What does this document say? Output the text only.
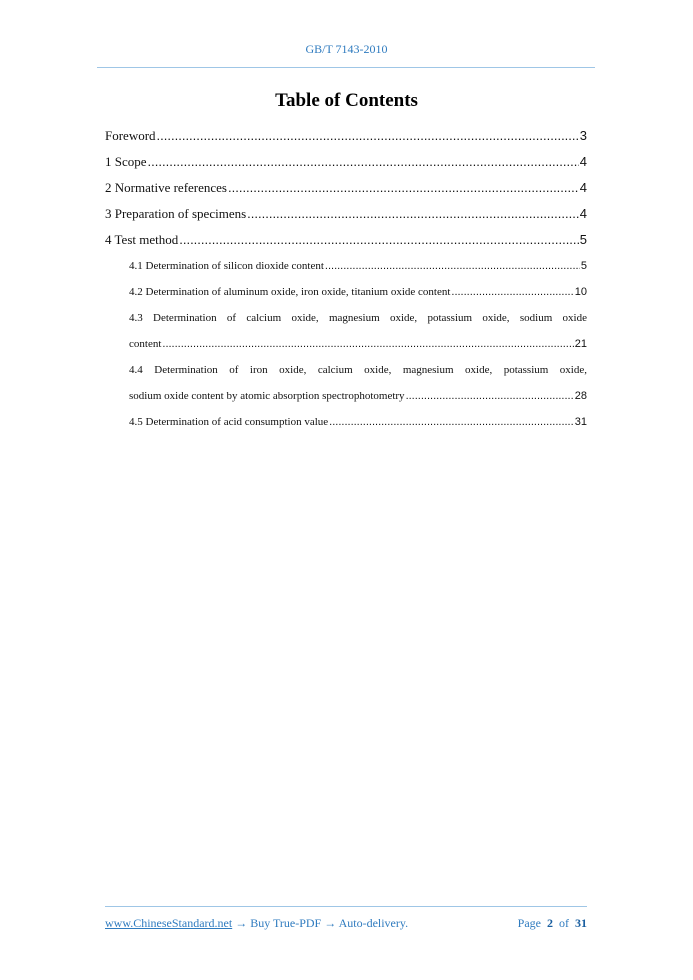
GB/T 7143-2010
Table of Contents
Foreword .....	3
1 Scope .....	4
2 Normative references .....	4
3 Preparation of specimens .....	4
4 Test method .....	5
4.1 Determination of silicon dioxide content .....	5
4.2 Determination of aluminum oxide, iron oxide, titanium oxide content .....	10
4.3 Determination of calcium oxide, magnesium oxide, potassium oxide, sodium oxide
content .....	21
4.4 Determination of iron oxide, calcium oxide, magnesium oxide, potassium oxide,
sodium oxide content by atomic absorption spectrophotometry .....	28
4.5 Determination of acid consumption value .....	31
www.ChineseStandard.net → Buy True-PDF → Auto-delivery.	Page 2 of 31
